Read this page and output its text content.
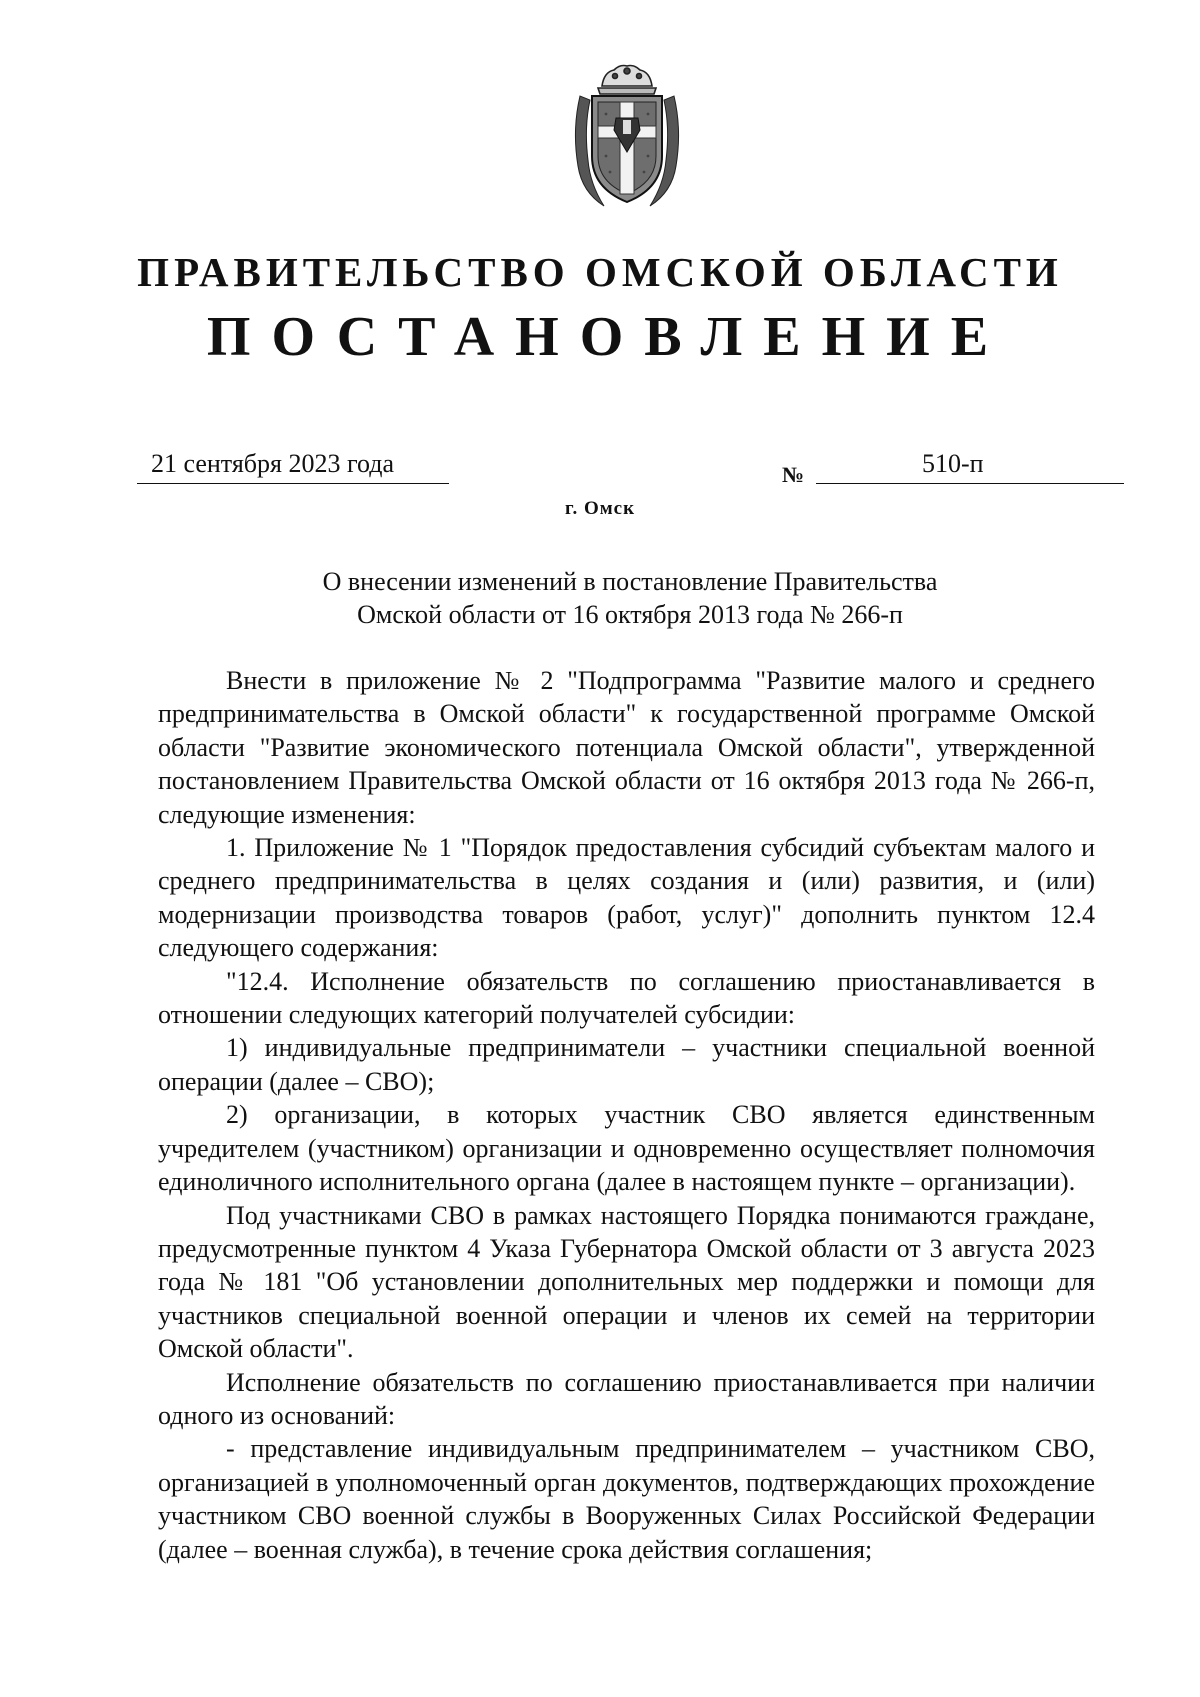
ПРАВИТЕЛЬСТВО ОМСКОЙ ОБЛАСТИ
ПОСТАНОВЛЕНИЕ
21 сентября 2023 года	№	510-п
г. Омск
О внесении изменений в постановление Правительства
Омской области от 16 октября 2013 года № 266-п

Внести в приложение № 2 "Подпрограмма "Развитие малого и среднего предпринимательства в Омской области" к государственной программе Омской области "Развитие экономического потенциала Омской области", утвержденной постановлением Правительства Омской области от 16 октября 2013 года № 266-п, следующие изменения:

1. Приложение № 1 "Порядок предоставления субсидий субъектам малого и среднего предпринимательства в целях создания и (или) развития, и (или) модернизации производства товаров (работ, услуг)" дополнить пунктом 12.4 следующего содержания:

"12.4. Исполнение обязательств по соглашению приостанавливается в отношении следующих категорий получателей субсидии:

1) индивидуальные предприниматели – участники специальной военной операции (далее – СВО);

2) организации, в которых участник СВО является единственным учредителем (участником) организации и одновременно осуществляет полномочия единоличного исполнительного органа (далее в настоящем пункте – организации).

Под участниками СВО в рамках настоящего Порядка понимаются граждане, предусмотренные пунктом 4 Указа Губернатора Омской области от 3 августа 2023 года № 181 "Об установлении дополнительных мер поддержки и помощи для участников специальной военной операции и членов их семей на территории Омской области".

Исполнение обязательств по соглашению приостанавливается при наличии одного из оснований:

- представление индивидуальным предпринимателем – участником СВО, организацией в уполномоченный орган документов, подтверждающих прохождение участником СВО военной службы в Вооруженных Силах Российской Федерации (далее – военная служба), в течение срока действия соглашения;
